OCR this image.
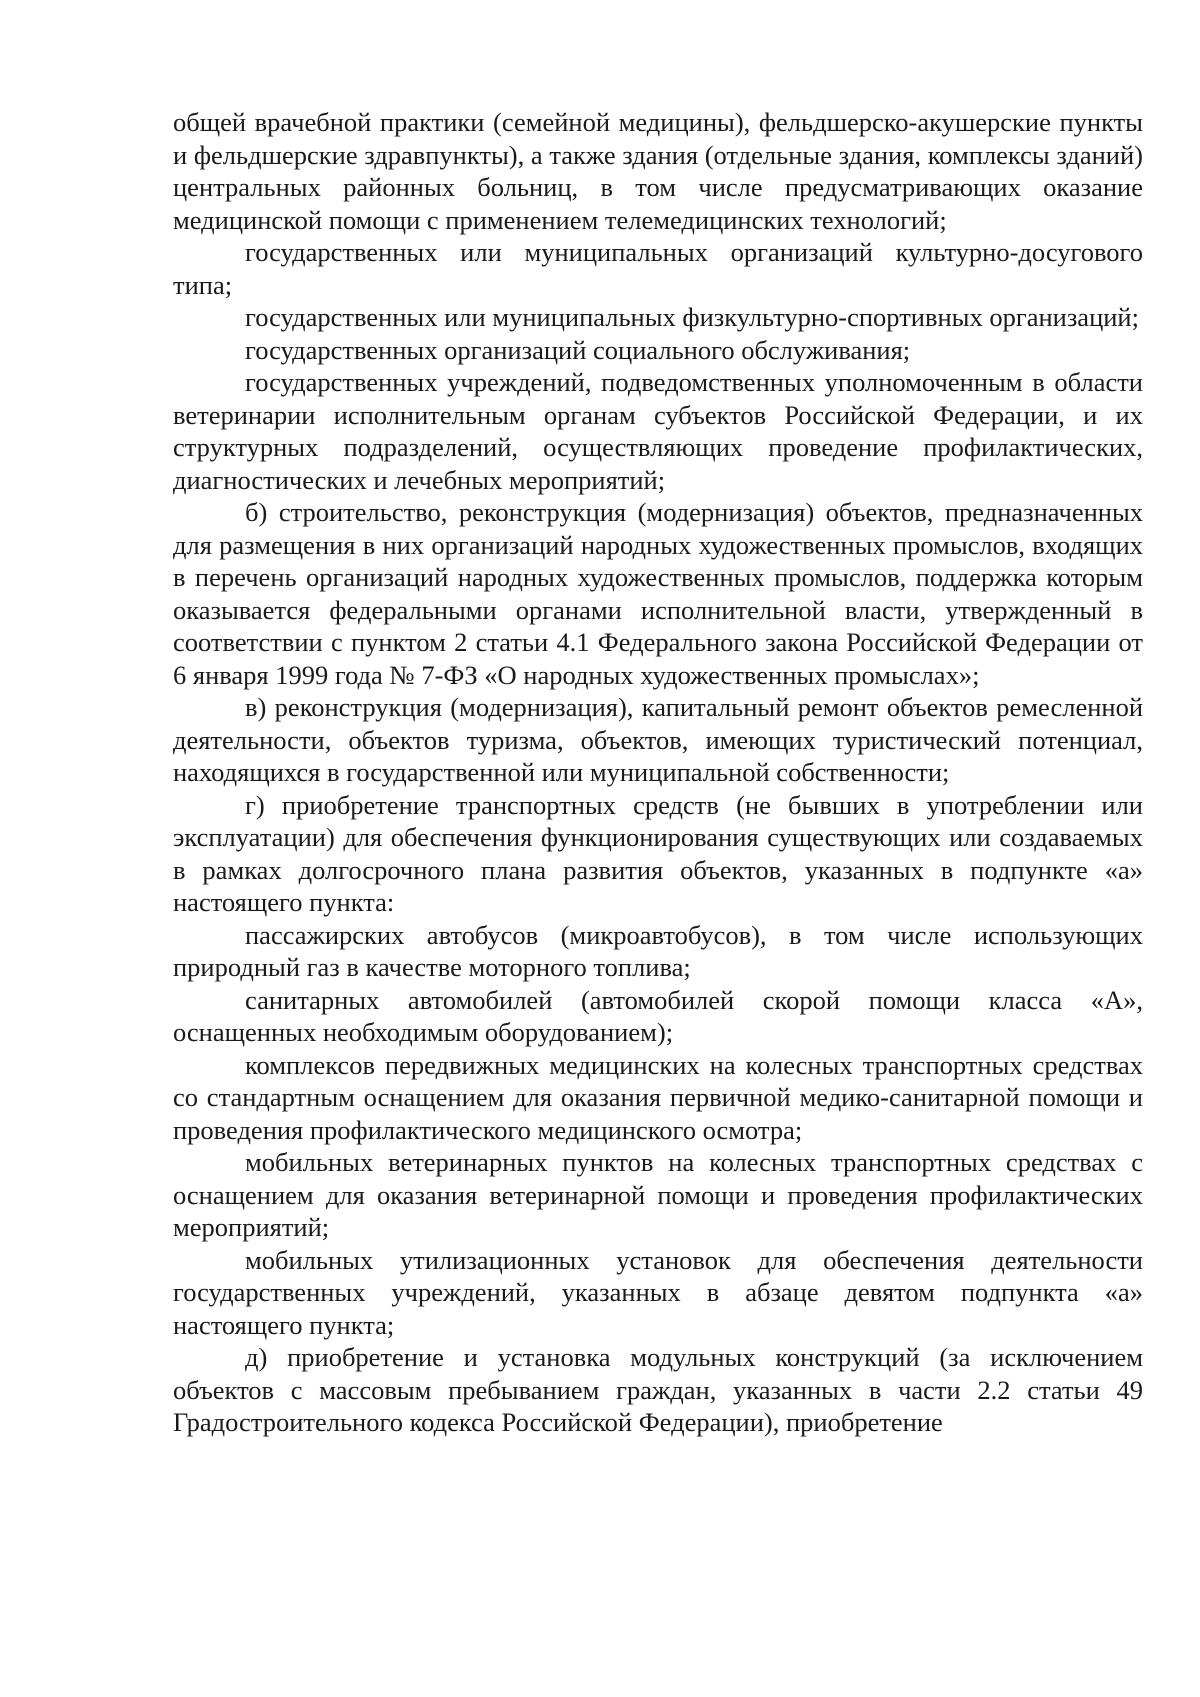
общей врачебной практики (семейной медицины), фельдшерско-акушерские пункты и фельдшерские здравпункты), а также здания (отдельные здания, комплексы зданий) центральных районных больниц, в том числе предусматривающих оказание медицинской помощи с применением телемедицинских технологий;

государственных или муниципальных организаций культурно-досугового типа;

государственных или муниципальных физкультурно-спортивных организаций;

государственных организаций социального обслуживания;

государственных учреждений, подведомственных уполномоченным в области ветеринарии исполнительным органам субъектов Российской Федерации, и их структурных подразделений, осуществляющих проведение профилактических, диагностических и лечебных мероприятий;

б) строительство, реконструкция (модернизация) объектов, предназначенных для размещения в них организаций народных художественных промыслов, входящих в перечень организаций народных художественных промыслов, поддержка которым оказывается федеральными органами исполнительной власти, утвержденный в соответствии с пунктом 2 статьи 4.1 Федерального закона Российской Федерации от 6 января 1999 года № 7-ФЗ «О народных художественных промыслах»;

в) реконструкция (модернизация), капитальный ремонт объектов ремесленной деятельности, объектов туризма, объектов, имеющих туристический потенциал, находящихся в государственной или муниципальной собственности;

г) приобретение транспортных средств (не бывших в употреблении или эксплуатации) для обеспечения функционирования существующих или создаваемых в рамках долгосрочного плана развития объектов, указанных в подпункте «а» настоящего пункта:

пассажирских автобусов (микроавтобусов), в том числе использующих природный газ в качестве моторного топлива;

санитарных автомобилей (автомобилей скорой помощи класса «А», оснащенных необходимым оборудованием);

комплексов передвижных медицинских на колесных транспортных средствах со стандартным оснащением для оказания первичной медико-санитарной помощи и проведения профилактического медицинского осмотра;

мобильных ветеринарных пунктов на колесных транспортных средствах с оснащением для оказания ветеринарной помощи и проведения профилактических мероприятий;

мобильных утилизационных установок для обеспечения деятельности государственных учреждений, указанных в абзаце девятом подпункта «а» настоящего пункта;

д) приобретение и установка модульных конструкций (за исключением объектов с массовым пребыванием граждан, указанных в части 2.2 статьи 49 Градостроительного кодекса Российской Федерации), приобретение
